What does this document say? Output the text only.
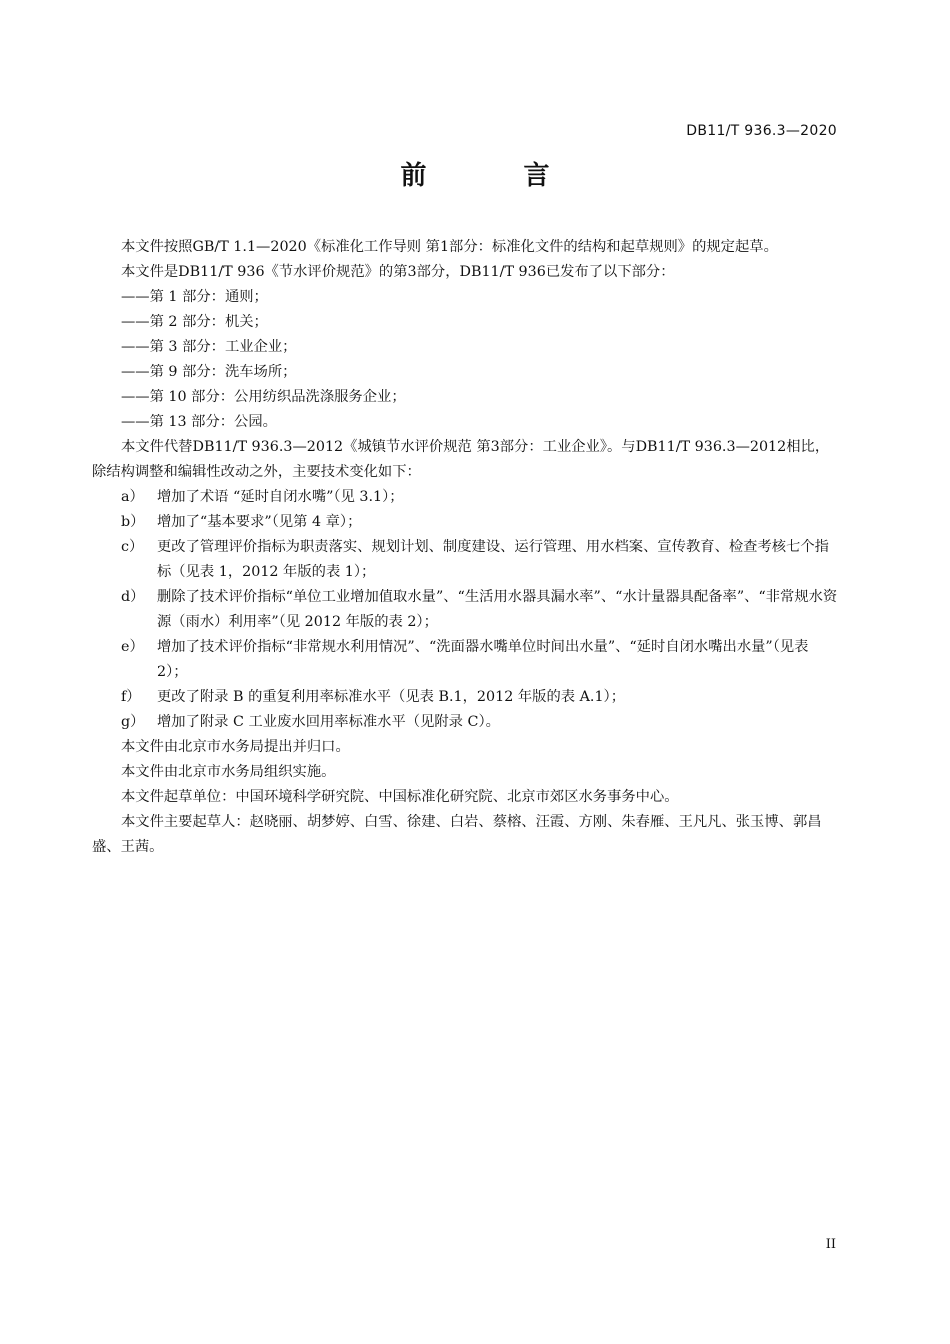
DB11/T 936.3—2020
前 言

本文件按照GB/T 1.1—2020《标准化工作导则 第1部分：标准化文件的结构和起草规则》的规定起草。

本文件是DB11/T 936《节水评价规范》的第3部分，DB11/T 936已发布了以下部分：

——第 1 部分：通则；

——第 2 部分：机关；

——第 3 部分：工业企业；

——第 9 部分：洗车场所；

——第 10 部分：公用纺织品洗涤服务企业；

——第 13 部分：公园。

本文件代替DB11/T 936.3—2012《城镇节水评价规范 第3部分：工业企业》。与DB11/T 936.3—2012相比，除结构调整和编辑性改动之外，主要技术变化如下：

a） 增加了术语 “延时自闭水嘴”（见 3.1）；
b） 增加了“基本要求”（见第 4 章）；
c） 更改了管理评价指标为职责落实、规划计划、制度建设、运行管理、用水档案、宣传教育、检查考核七个指标（见表 1，2012 年版的表 1）；
d） 删除了技术评价指标“单位工业增加值取水量”、“生活用水器具漏水率”、“水计量器具配备率”、“非常规水资源（雨水）利用率”（见 2012 年版的表 2）；
e） 增加了技术评价指标“非常规水利用情况”、“洗面器水嘴单位时间出水量”、“延时自闭水嘴出水量”（见表 2）；
f）	更改了附录 B 的重复利用率标准水平（见表 B.1，2012 年版的表 A.1）；
g） 增加了附录 C 工业废水回用率标准水平（见附录 C）。

本文件由北京市水务局提出并归口。

本文件由北京市水务局组织实施。

本文件起草单位：中国环境科学研究院、中国标准化研究院、北京市郊区水务事务中心。

本文件主要起草人：赵晓丽、胡梦婷、白雪、徐建、白岩、蔡榕、汪霞、方刚、朱春雁、王凡凡、张玉博、郭昌盛、王茜。

II
